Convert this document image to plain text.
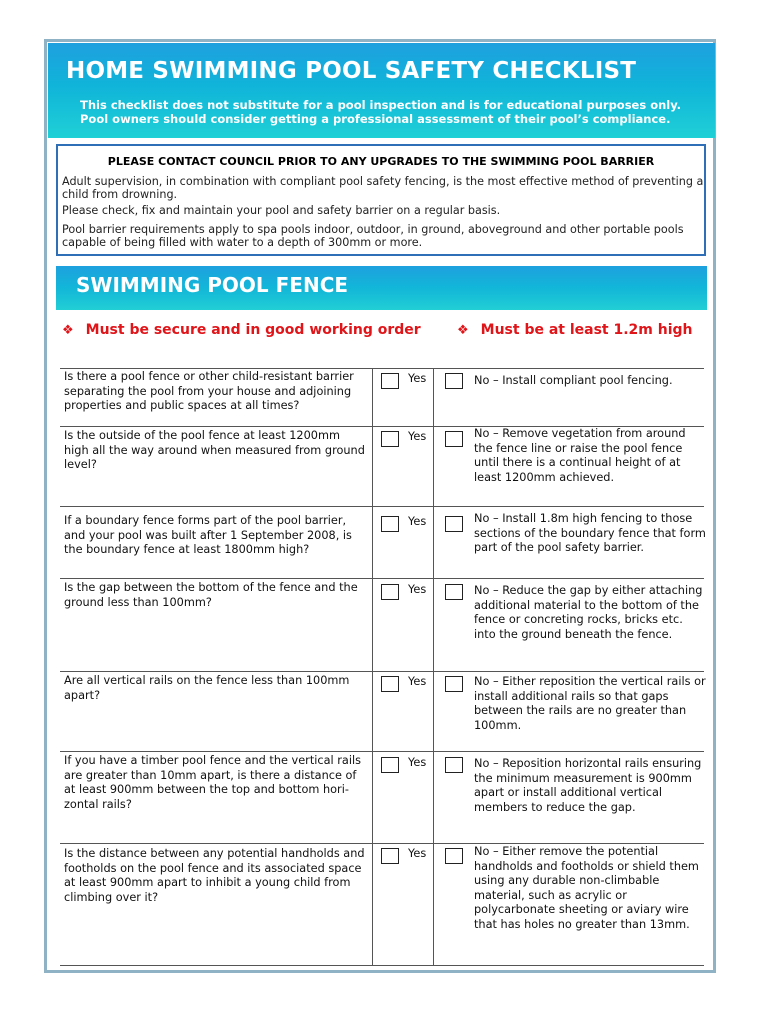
HOME SWIMMING POOL SAFETY CHECKLIST
This checklist does not substitute for a pool inspection and is for educational purposes only.
Pool owners should consider getting a professional assessment of their pool’s compliance.
PLEASE CONTACT COUNCIL PRIOR TO ANY UPGRADES TO THE SWIMMING POOL BARRIER
Adult supervision, in combination with compliant pool safety fencing, is the most effective method of preventing a child from drowning.
Please check, fix and maintain your pool and safety barrier on a regular basis.
Pool barrier requirements apply to spa pools indoor, outdoor, in ground, aboveground and other portable pools capable of being filled with water to a depth of 300mm or more.
SWIMMING POOL FENCE
❖ Must be secure and in good working order	❖ Must be at least 1.2m high
Is there a pool fence or other child-resistant barrier separating the pool from your house and adjoining properties and public spaces at all times?
Yes	No – Install compliant pool fencing.
Is the outside of the pool fence at least 1200mm high all the way around when measured from ground level?
Yes	No – Remove vegetation from around the fence line or raise the pool fence until there is a continual height of at least 1200mm achieved.
If a boundary fence forms part of the pool barrier, and your pool was built after 1 September 2008, is the boundary fence at least 1800mm high?
Yes	No – Install 1.8m high fencing to those sections of the boundary fence that form part of the pool safety barrier.
Is the gap between the bottom of the fence and the ground less than 100mm?
Yes	No – Reduce the gap by either attaching additional material to the bottom of the fence or concreting rocks, bricks etc. into the ground beneath the fence.
Are all vertical rails on the fence less than 100mm apart?
Yes	No – Either reposition the vertical rails or install additional rails so that gaps between the rails are no greater than 100mm.
If you have a timber pool fence and the vertical rails are greater than 10mm apart, is there a distance of at least 900mm between the top and bottom hori-zontal rails?
Yes	No – Reposition horizontal rails ensuring the minimum measurement is 900mm apart or install additional vertical members to reduce the gap.
Is the distance between any potential handholds and footholds on the pool fence and its associated space at least 900mm apart to inhibit a young child from climbing over it?
Yes	No – Either remove the potential handholds and footholds or shield them using any durable non-climbable material, such as acrylic or polycarbonate sheeting or aviary wire that has holes no greater than 13mm.
